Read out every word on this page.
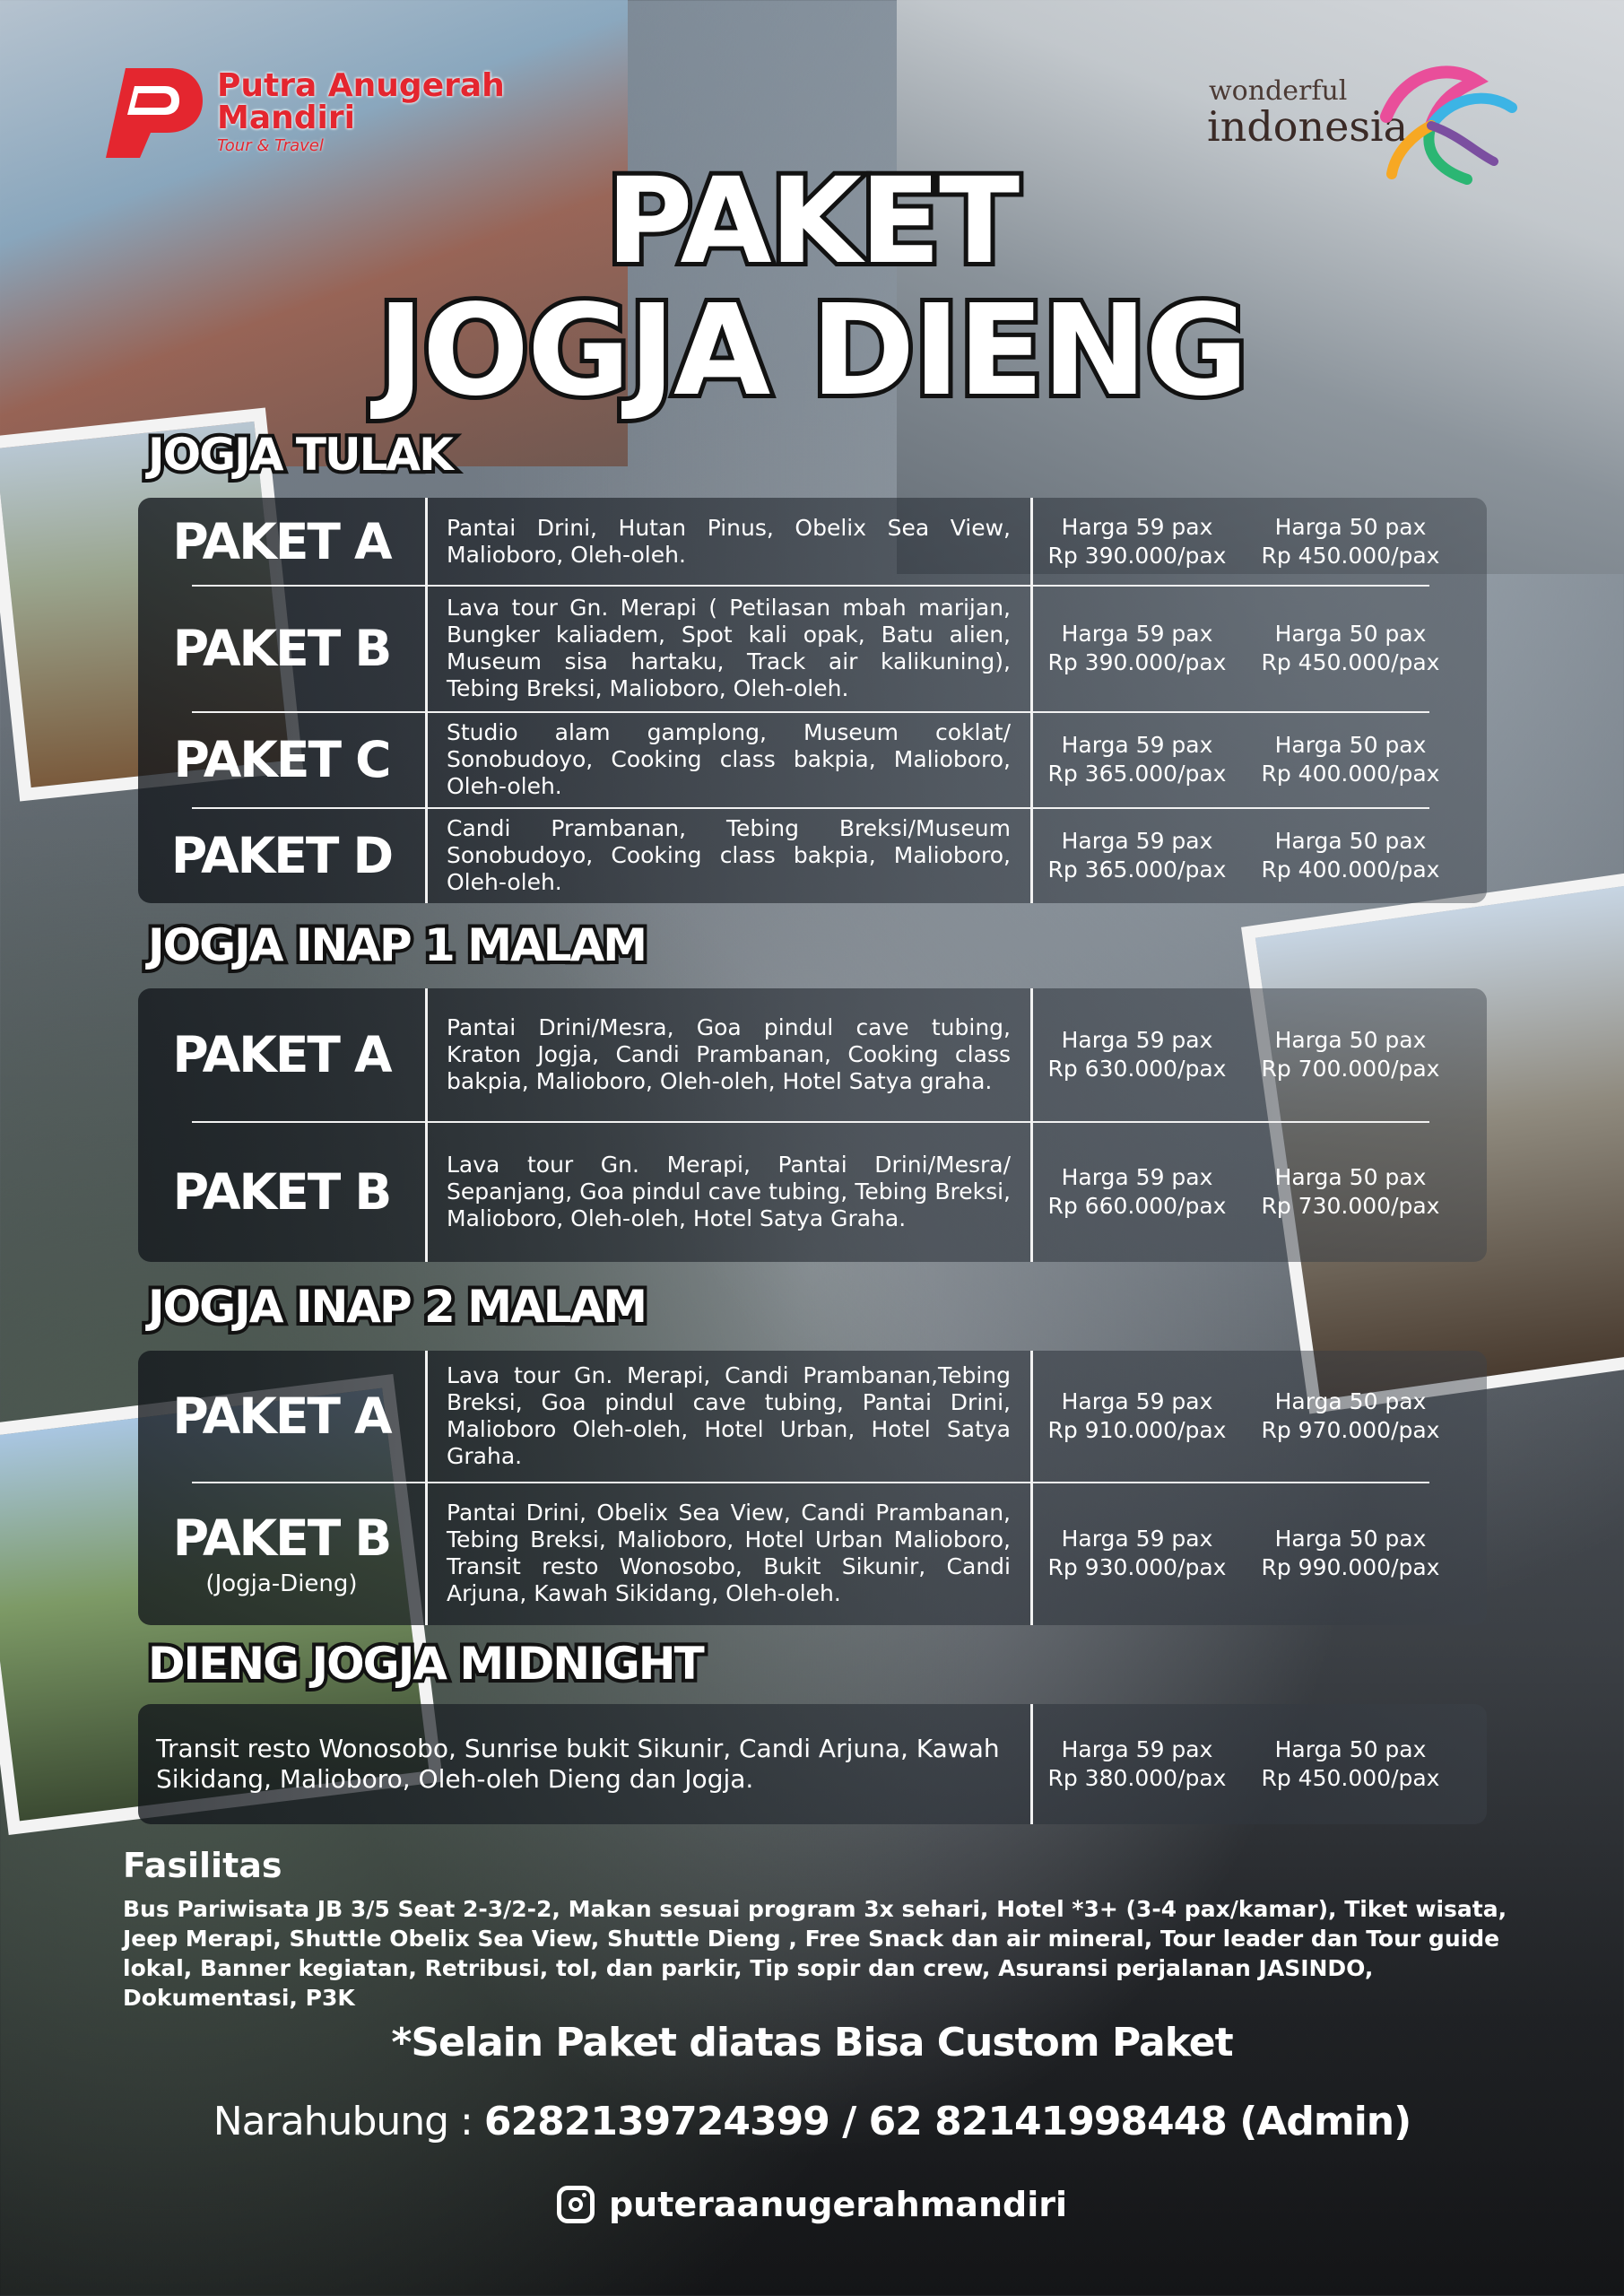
Putra Anugerah
Mandiri
Tour & Travel
wonderful
indonesia
PAKET
JOGJA DIENG
JOGJA TULAK
PAKET A Pantai Drini, Hutan Pinus, Obelix Sea View, Malioboro, Oleh-oleh.
Harga 59 pax
Rp 390.000/pax
Harga 50 pax
Rp 450.000/pax
PAKET B
Lava tour Gn. Merapi ( Petilasan mbah marijan, Bungker kaliadem, Spot kali opak, Batu alien, Museum sisa hartaku, Track air kalikuning), Tebing Breksi, Malioboro, Oleh-oleh.
Harga 59 pax
Rp 390.000/pax
Harga 50 pax
Rp 450.000/pax
PAKET C	Studio alam gamplong, Museum coklat/ Sonobudoyo, Cooking class bakpia, Malioboro, Oleh-oleh.
Harga 59 pax
Rp 365.000/pax
Harga 50 pax
Rp 400.000/pax
PAKET D Candi Prambanan, Tebing Breksi/Museum Sonobudoyo, Cooking class bakpia, Malioboro, Oleh-oleh.
Harga 59 pax
Rp 365.000/pax
Harga 50 pax
Rp 400.000/pax
JOGJA INAP 1 MALAM
PAKET A Pantai Drini/Mesra, Goa pindul cave tubing, Kraton Jogja, Candi Prambanan, Cooking class bakpia, Malioboro, Oleh-oleh, Hotel Satya graha.
Harga 59 pax
Rp 630.000/pax
Harga 50 pax
Rp 700.000/pax
PAKET B	Lava tour Gn. Merapi, Pantai Drini/Mesra/ Sepanjang, Goa pindul cave tubing, Tebing Breksi, Malioboro, Oleh-oleh, Hotel Satya Graha.
Harga 59 pax
Rp 660.000/pax
Harga 50 pax
Rp 730.000/pax
JOGJA INAP 2 MALAM
PAKET A
Lava tour Gn. Merapi, Candi Prambanan,Tebing Breksi, Goa pindul cave tubing, Pantai Drini, Malioboro Oleh-oleh, Hotel Urban, Hotel Satya Graha.
Harga 59 pax
Rp 910.000/pax
Harga 50 pax
Rp 970.000/pax
PAKET B
(Jogja-Dieng)
Pantai Drini, Obelix Sea View, Candi Prambanan, Tebing Breksi, Malioboro, Hotel Urban Malioboro, Transit resto Wonosobo, Bukit Sikunir, Candi Arjuna, Kawah Sikidang, Oleh-oleh.
Harga 59 pax
Rp 930.000/pax
Harga 50 pax
Rp 990.000/pax
DIENG JOGJA MIDNIGHT
Transit resto Wonosobo, Sunrise bukit Sikunir, Candi Arjuna, Kawah Sikidang, Malioboro, Oleh-oleh Dieng dan Jogja.
Harga 59 pax
Rp 380.000/pax
Harga 50 pax
Rp 450.000/pax
Fasilitas
Bus Pariwisata JB 3/5 Seat 2-3/2-2, Makan sesuai program 3x sehari, Hotel *3+ (3-4 pax/kamar), Tiket wisata, Jeep Merapi, Shuttle Obelix Sea View, Shuttle Dieng , Free Snack dan air mineral, Tour leader dan Tour guide lokal, Banner kegiatan, Retribusi, tol, dan parkir, Tip sopir dan crew, Asuransi perjalanan JASINDO, Dokumentasi, P3K
*Selain Paket diatas Bisa Custom Paket
Narahubung : 6282139724399 / 62 82141998448 (Admin)
puteraanugerahmandiri
